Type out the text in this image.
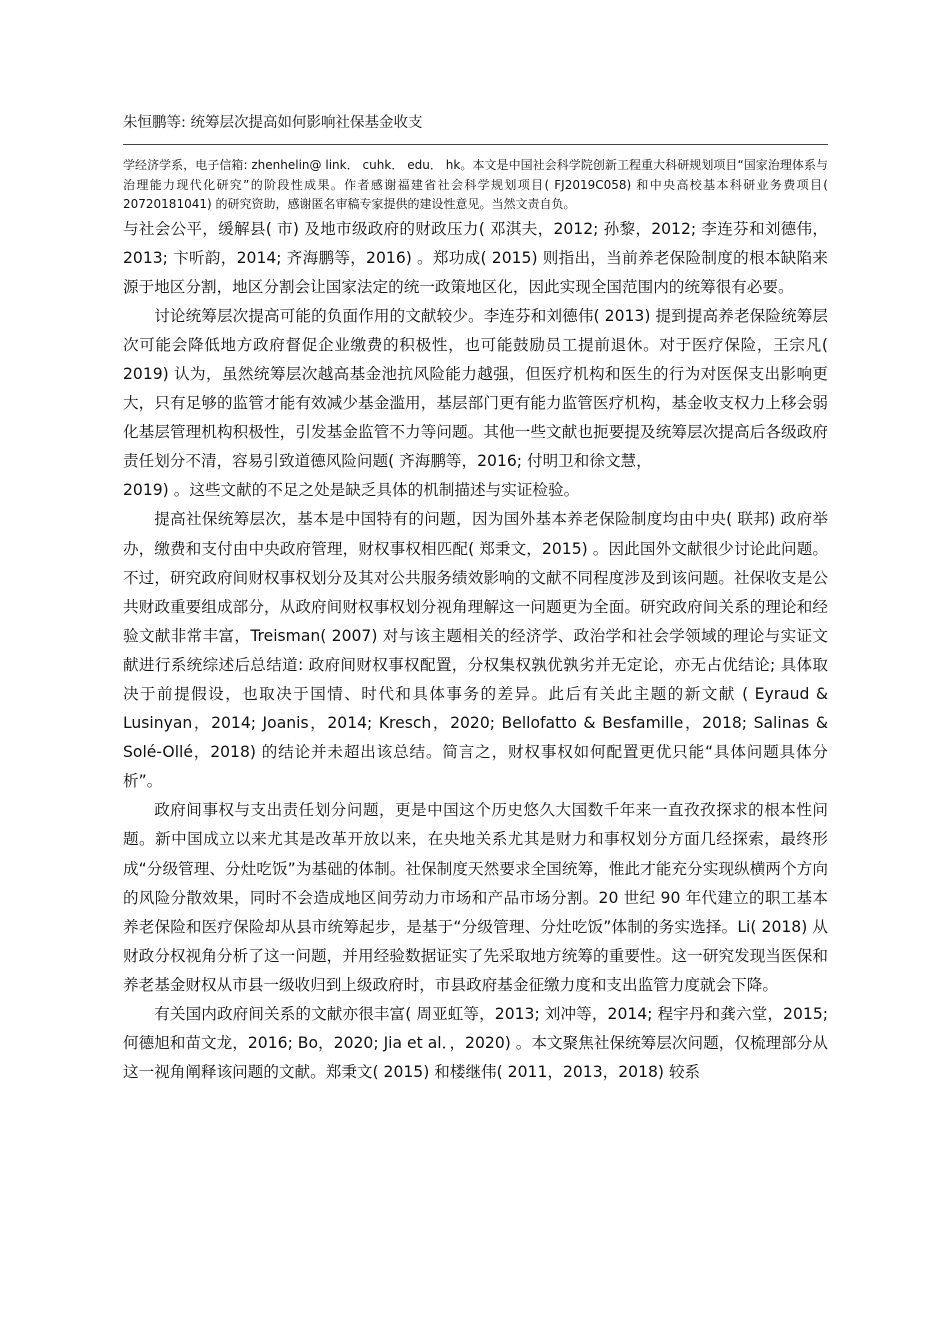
朱恒鹏等: 统筹层次提高如何影响社保基金收支

学经济学系，电子信箱: zhenhelin@ link． cuhk． edu． hk。本文是中国社会科学院创新工程重大科研规划项目“国家治理体系与治理能力现代化研究”的阶段性成果。作者感谢福建省社会科学规划项目( FJ2019C058) 和中央高校基本科研业务费项目( 20720181041) 的研究资助，感谢匿名审稿专家提供的建设性意见。当然文责自负。

与社会公平，缓解县( 市) 及地市级政府的财政压力( 邓淇夫，2012; 孙黎，2012; 李连芬和刘德伟，2013; 卞听韵，2014; 齐海鹏等，2016) 。郑功成( 2015) 则指出，当前养老保险制度的根本缺陷来源于地区分割，地区分割会让国家法定的统一政策地区化，因此实现全国范围内的统筹很有必要。

讨论统筹层次提高可能的负面作用的文献较少。李连芬和刘德伟( 2013) 提到提高养老保险统筹层次可能会降低地方政府督促企业缴费的积极性，也可能鼓励员工提前退休。对于医疗保险，王宗凡( 2019) 认为，虽然统筹层次越高基金池抗风险能力越强，但医疗机构和医生的行为对医保支出影响更大，只有足够的监管才能有效减少基金滥用，基层部门更有能力监管医疗机构，基金收支权力上移会弱化基层管理机构积极性，引发基金监管不力等问题。其他一些文献也扼要提及统筹层次提高后各级政府责任划分不清，容易引致道德风险问题( 齐海鹏等，2016; 付明卫和徐文慧，

2019) 。这些文献的不足之处是缺乏具体的机制描述与实证检验。

提高社保统筹层次，基本是中国特有的问题，因为国外基本养老保险制度均由中央( 联邦) 政府举办，缴费和支付由中央政府管理，财权事权相匹配( 郑秉文，2015) 。因此国外文献很少讨论此问题。不过，研究政府间财权事权划分及其对公共服务绩效影响的文献不同程度涉及到该问题。社保收支是公共财政重要组成部分，从政府间财权事权划分视角理解这一问题更为全面。研究政府间关系的理论和经验文献非常丰富，Treisman( 2007) 对与该主题相关的经济学、政治学和社会学领域的理论与实证文献进行系统综述后总结道: 政府间财权事权配置，分权集权孰优孰劣并无定论，亦无占优结论; 具体取决于前提假设，也取决于国情、时代和具体事务的差异。此后有关此主题的新文献 ( Eyraud & Lusinyan，2014; Joanis，2014; Kresch，2020; Bellofatto & Besfamille，2018; Salinas & Solé-Ollé，2018) 的结论并未超出该总结。简言之，财权事权如何配置更优只能“具体问题具体分析”。

政府间事权与支出责任划分问题，更是中国这个历史悠久大国数千年来一直孜孜探求的根本性问题。新中国成立以来尤其是改革开放以来，在央地关系尤其是财力和事权划分方面几经探索，最终形成“分级管理、分灶吃饭”为基础的体制。社保制度天然要求全国统筹，惟此才能充分实现纵横两个方向的风险分散效果，同时不会造成地区间劳动力市场和产品市场分割。20 世纪 90 年代建立的职工基本养老保险和医疗保险却从县市统筹起步，是基于“分级管理、分灶吃饭”体制的务实选择。Li( 2018) 从财政分权视角分析了这一问题，并用经验数据证实了先采取地方统筹的重要性。这一研究发现当医保和养老基金财权从市县一级收归到上级政府时，市县政府基金征缴力度和支出监管力度就会下降。

有关国内政府间关系的文献亦很丰富( 周亚虹等，2013; 刘冲等，2014; 程宇丹和龚六堂，2015; 何德旭和苗文龙，2016; Bo，2020; Jia et al．，2020) 。本文聚焦社保统筹层次问题，仅梳理部分从这一视角阐释该问题的文献。郑秉文( 2015) 和楼继伟( 2011，2013，2018) 较系
